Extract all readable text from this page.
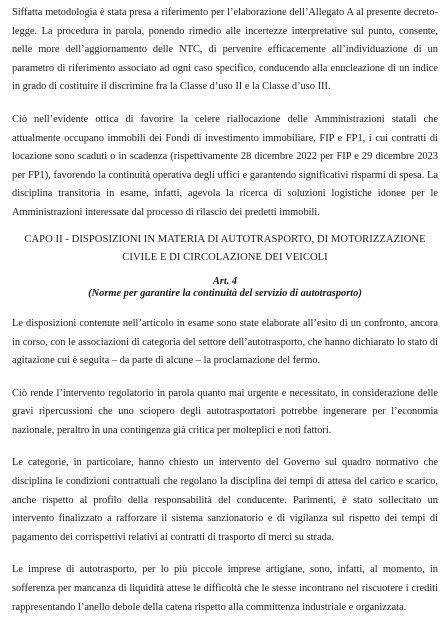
Siffatta metodologia è stata presa a riferimento per l’elaborazione dell’Allegato A al presente decreto-legge. La procedura in parola, ponendo rimedio alle incertezze interpretative sul punto, consente, nelle more dell’aggiornamento delle NTC, di pervenire efficacemente all’individuazione di un parametro di riferimento associato ad ogni caso specifico, conducendo alla enucleazione di un indice in grado di costituire il discrimine fra la Classe d’uso II e la Classe d’uso III.

Ciò nell’evidente ottica di favorire la celere riallocazione delle Amministrazioni statali che attualmente occupano immobili dei Fondi di investimento immobiliare, FIP e FP1, i cui contratti di locazione sono scaduti o in scadenza (rispettivamente 28 dicembre 2022 per FIP e 29 dicembre 2023 per FP1), favorendo la continuità operativa degli uffici e garantendo significativi risparmi di spesa. La disciplina transitoria in esame, infatti, agevola la ricerca di soluzioni logistiche idonee per le Amministrazioni interessate dal processo di rilascio dei predetti immobili.

CAPO II - DISPOSIZIONI IN MATERIA DI AUTOTRASPORTO, DI MOTORIZZAZIONE
CIVILE E DI CIRCOLAZIONE DEI VEICOLI
Art. 4
(Norme per garantire la continuità del servizio di autotrasporto)

Le disposizioni contenute nell’articolo in esame sono state elaborate all’esito di un confronto, ancora in corso, con le associazioni di categoria del settore dell’autotrasporto, che hanno dichiarato lo stato di agitazione cui è seguita – da parte di alcune – la proclamazione del fermo.

Ciò rende l’intervento regolatorio in parola quanto mai urgente e necessitato, in considerazione delle gravi ripercussioni che uno sciopero degli autotrasportatori potrebbe ingenerare per l’economia nazionale, peraltro in una contingenza già critica per molteplici e noti fattori.

Le categorie, in particolare, hanno chiesto un intervento del Governo sul quadro normativo che disciplina le condizioni contrattuali che regolano la disciplina dei tempi di attesa del carico e scarico, anche rispetto al profilo della responsabilità del conducente. Parimenti, è stato sollecitato un intervento finalizzato a rafforzare il sistema sanzionatorio e di vigilanza sul rispetto dei tempi di pagamento dei corrispettivi relativi ai contratti di trasporto di merci su strada.

Le imprese di autotrasporto, per lo più piccole imprese artigiane, sono, infatti, al momento, in sofferenza per mancanza di liquidità attese le difficoltà che le stesse incontrano nel riscuotere i crediti rappresentando l’anello debole della catena rispetto alla committenza industriale e organizzata.
